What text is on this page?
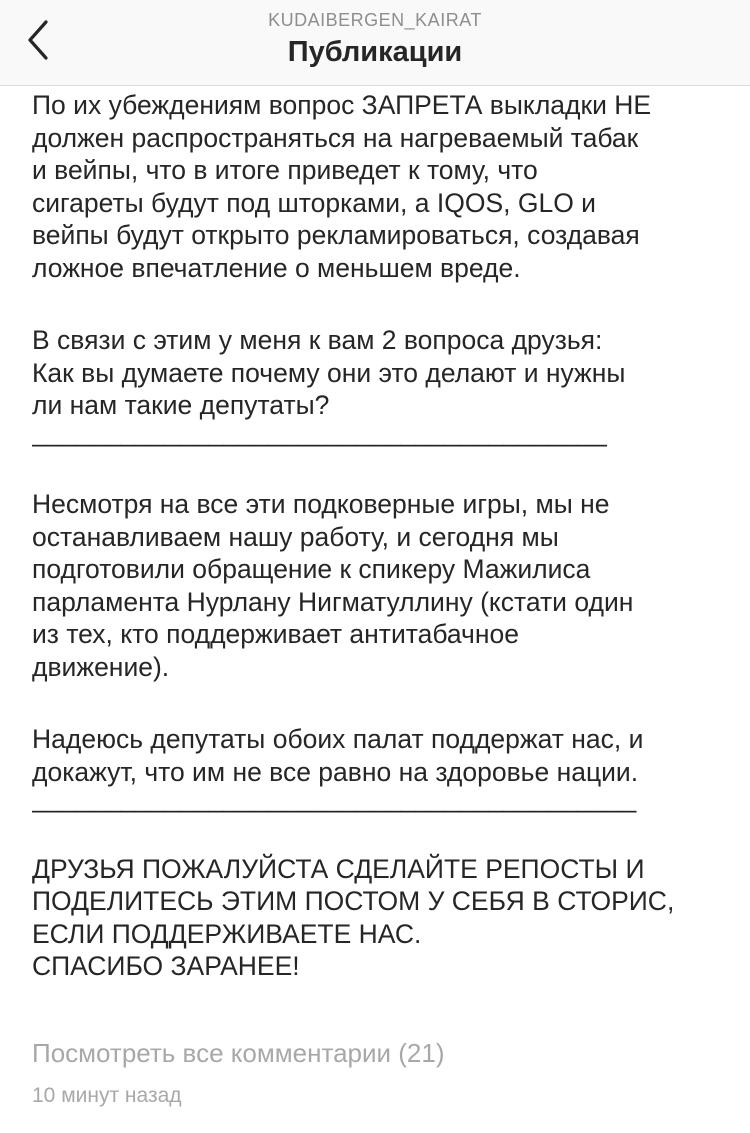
KUDAIBERGEN_KAIRAT
Публикации

По их убеждениям вопрос ЗАПРЕТА выкладки НЕ
должен распространяться на нагреваемый табак
и вейпы, что в итоге приведет к тому, что
сигареты будут под шторками, а IQOS, GLO и
вейпы будут открыто рекламироваться, создавая
ложное впечатление о меньшем вреде.

В связи с этим у меня к вам 2 вопроса друзья:
Как вы думаете почему они это делают и нужны
ли нам такие депутаты?

_______________________________________

Несмотря на все эти подковерные игры, мы не
останавливаем нашу работу, и сегодня мы
подготовили обращение к спикеру Мажилиса
парламента Нурлану Нигматуллину (кстати один
из тех, кто поддерживает антитабачное
движение).

Надеюсь депутаты обоих палат поддержат нас, и
докажут, что им не все равно на здоровье нации.

_________________________________________

ДРУЗЬЯ ПОЖАЛУЙСТА СДЕЛАЙТЕ РЕПОСТЫ И
ПОДЕЛИТЕСЬ ЭТИМ ПОСТОМ У СЕБЯ В СТОРИС,
ЕСЛИ ПОДДЕРЖИВАЕТЕ НАС.
СПАСИБО ЗАРАНЕЕ!

Посмотреть все комментарии (21)
10 минут назад
